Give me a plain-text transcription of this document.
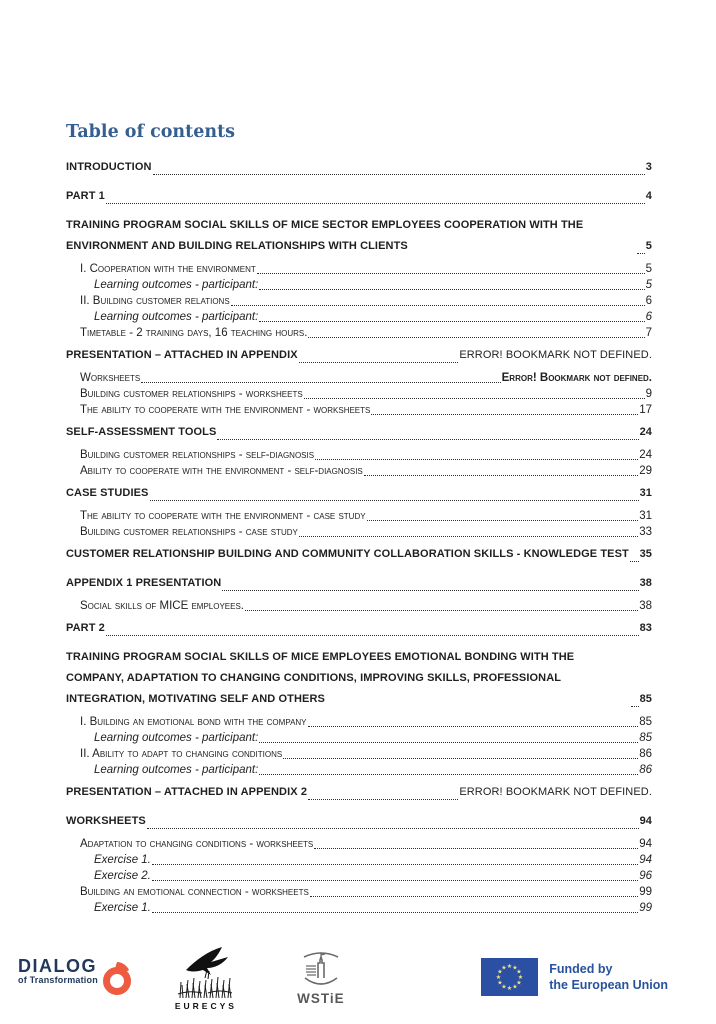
Table of contents
INTRODUCTION	3
PART 1	4
TRAINING PROGRAM SOCIAL SKILLS OF MICE SECTOR EMPLOYEES COOPERATION WITH THE ENVIRONMENT AND BUILDING RELATIONSHIPS WITH CLIENTS	5
I. Cooperation with the environment	5
Learning outcomes - participant:	5
II. Building customer relations	6
Learning outcomes - participant:	6
Timetable - 2 training days, 16 teaching hours.	7
PRESENTATION – ATTACHED IN APPENDIX	ERROR! BOOKMARK NOT DEFINED.
Worksheets	Error! Bookmark not defined.
Building customer relationships - worksheets	9
The ability to cooperate with the environment - worksheets	17
SELF-ASSESSMENT TOOLS	24
Building customer relationships - self-diagnosis	24
Ability to cooperate with the environment - self-diagnosis	29
CASE STUDIES	31
The ability to cooperate with the environment - case study	31
Building customer relationships - case study	33
CUSTOMER RELATIONSHIP BUILDING AND COMMUNITY COLLABORATION SKILLS - KNOWLEDGE TEST 35
APPENDIX 1 PRESENTATION	38
Social skills of MICE employees.	38
PART 2	83
TRAINING PROGRAM SOCIAL SKILLS OF MICE EMPLOYEES EMOTIONAL BONDING WITH THE COMPANY, ADAPTATION TO CHANGING CONDITIONS, IMPROVING SKILLS, PROFESSIONAL INTEGRATION, MOTIVATING SELF AND OTHERS	85
I. Building an emotional bond with the company	85
Learning outcomes - participant:	85
II. Ability to adapt to changing conditions	86
Learning outcomes - participant:	86
PRESENTATION – ATTACHED IN APPENDIX 2	ERROR! BOOKMARK NOT DEFINED.
WORKSHEETS	94
Adaptation to changing conditions - worksheets	94
Exercise 1.	94
Exercise 2.	96
Building an emotional connection - worksheets	99
Exercise 1.	99
DIALOG
of Transformation
EURECYS	WSTiE
★ ★
★
★
★
★
★
★
★
★
★
★	Funded by
the European Union
